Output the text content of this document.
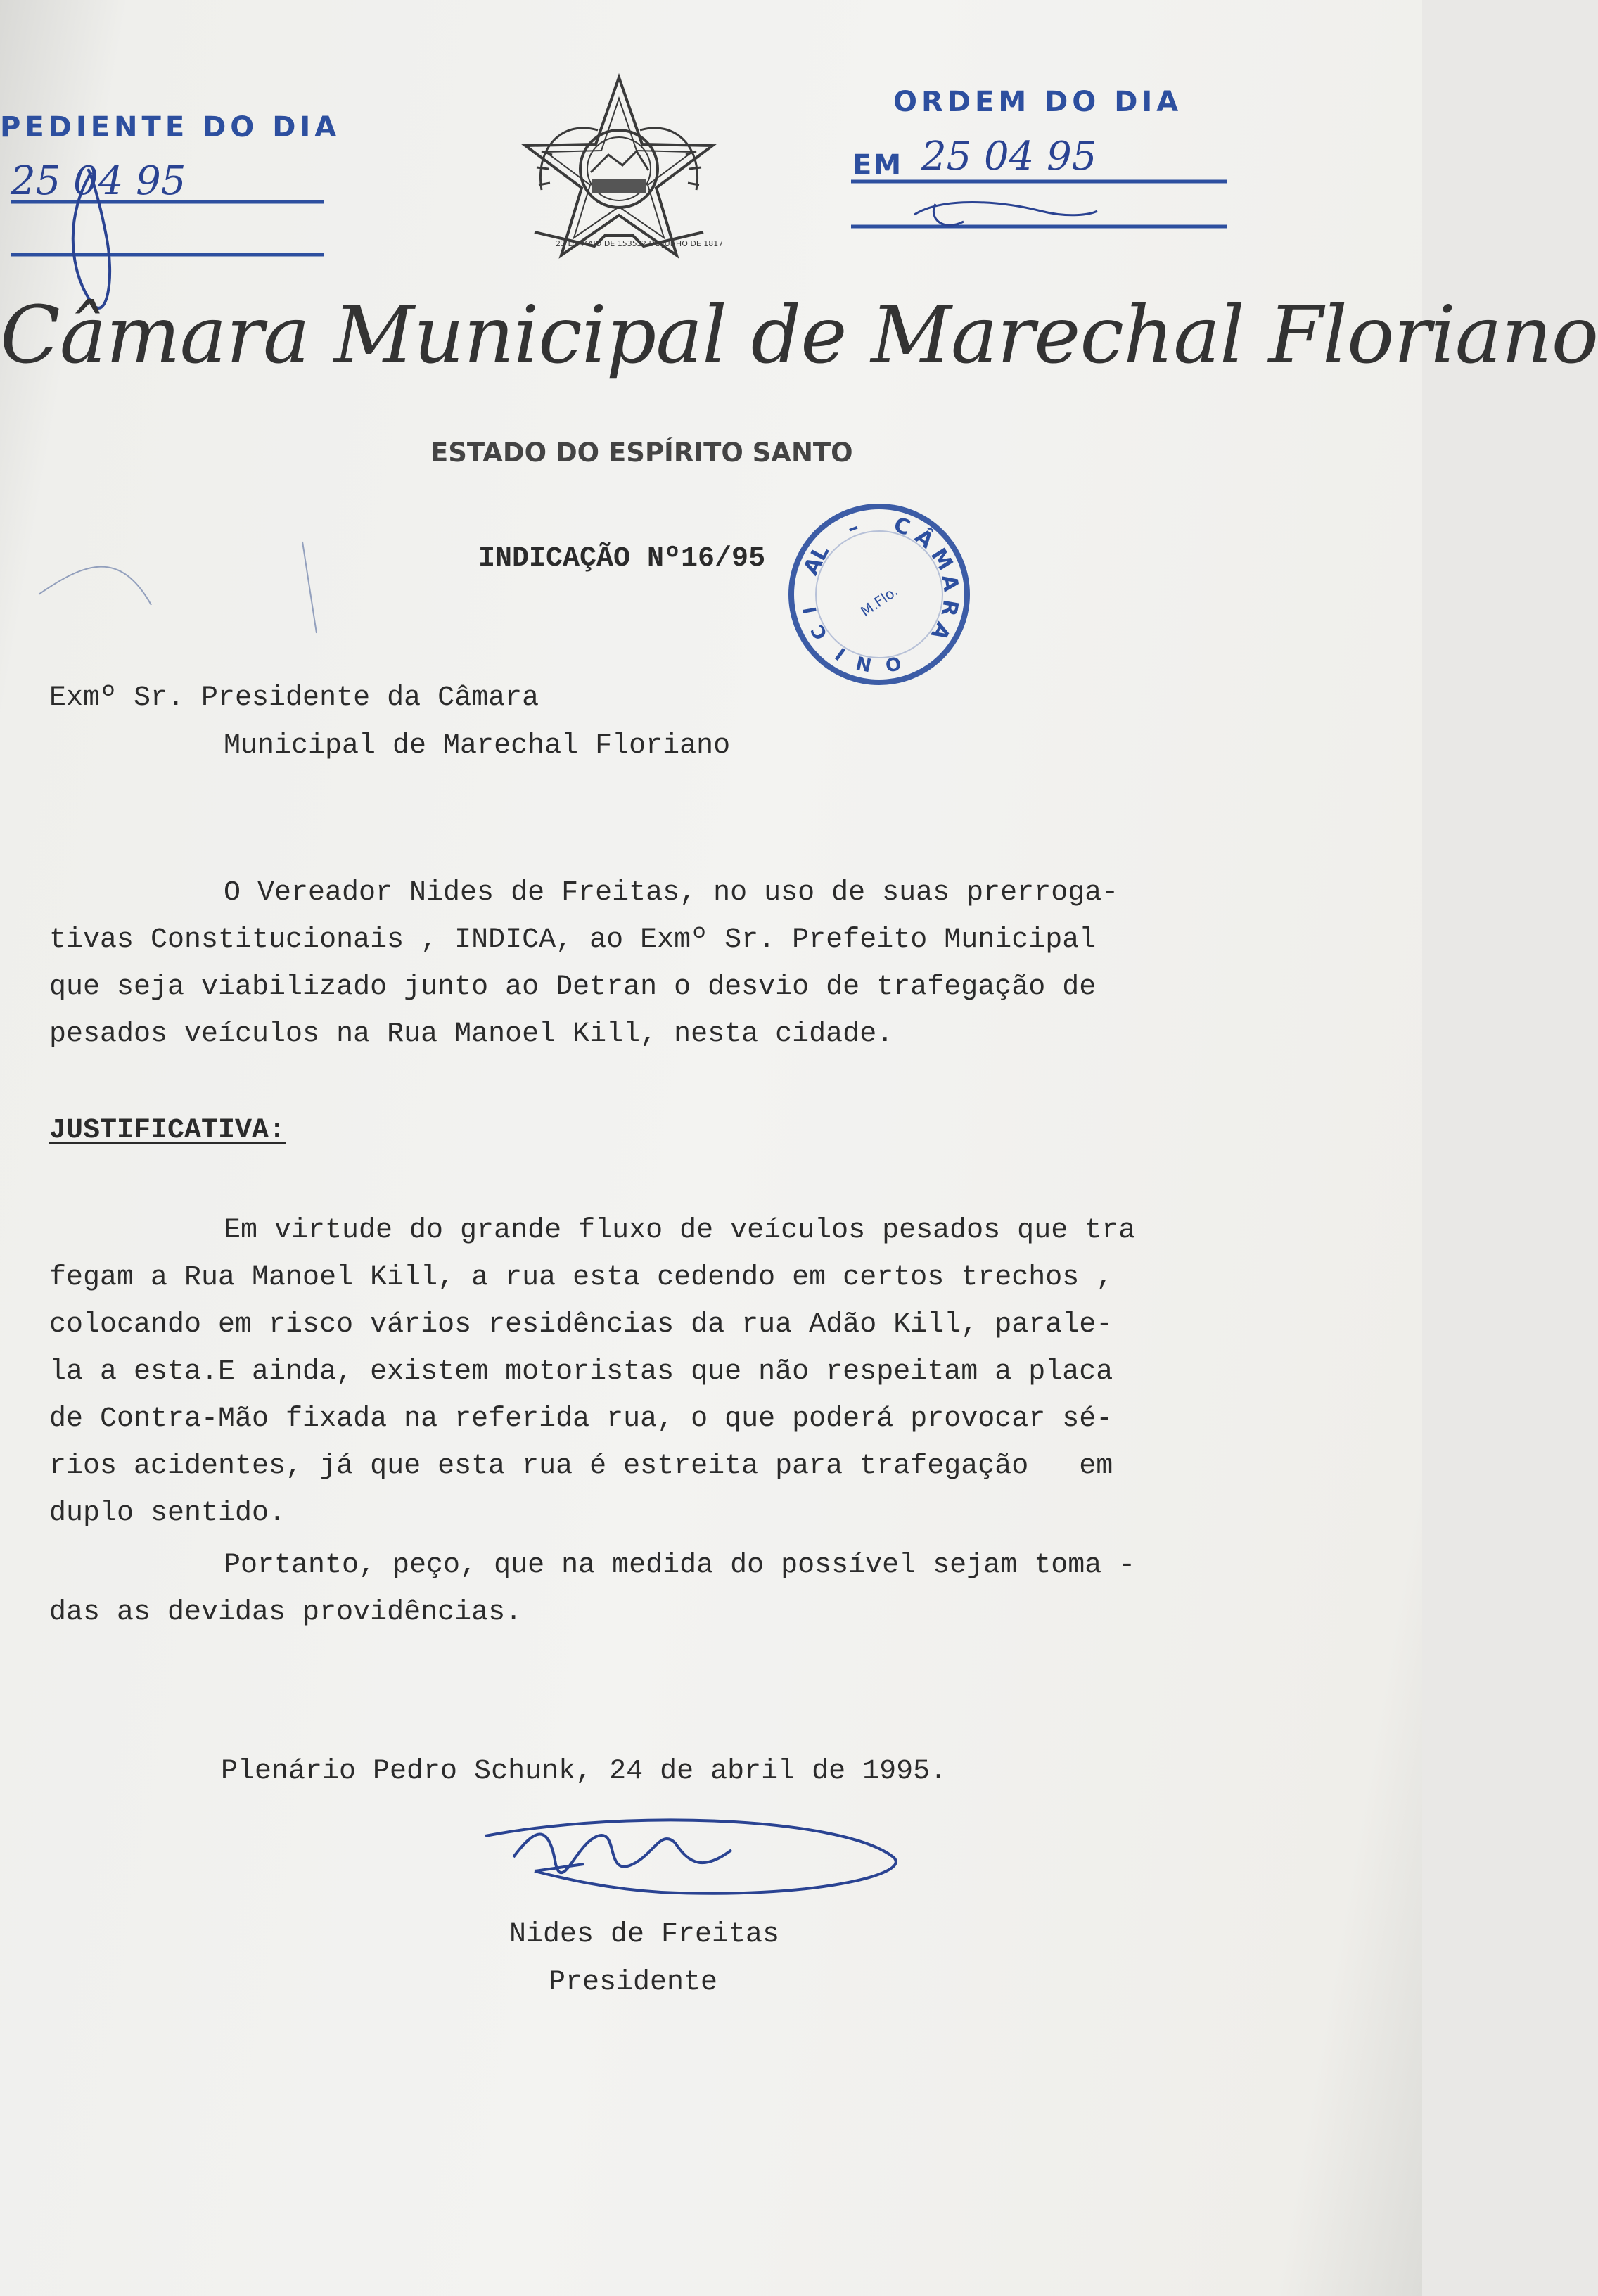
23 DE MAIO DE 1535 12 DE JUNHO DE 1817
AL
– C
Â
M
A
R
A
O
N
I
C
I	M.Flo.
PEDIENTE DO DIA
25 04 95
ORDEM DO DIA
EM 25 04 95
Câmara Municipal de Marechal Floriano
ESTADO DO ESPÍRITO SANTO
INDICAÇÃO Nº16/95
Exmº Sr. Presidente da Câmara
Municipal de Marechal Floriano
O Vereador Nides de Freitas, no uso de suas prerroga-
tivas Constitucionais , INDICA, ao Exmº Sr. Prefeito Municipal
que seja viabilizado junto ao Detran o desvio de trafegação de
pesados veículos na Rua Manoel Kill, nesta cidade.
JUSTIFICATIVA:
Em virtude do grande fluxo de veículos pesados que tra
fegam a Rua Manoel Kill, a rua esta cedendo em certos trechos ,
colocando em risco vários residências da rua Adão Kill, parale-
la a esta.E ainda, existem motoristas que não respeitam a placa
de Contra-Mão fixada na referida rua, o que poderá provocar sé-
rios acidentes, já que esta rua é estreita para trafegação   em
duplo sentido.
Portanto, peço, que na medida do possível sejam toma -
das as devidas providências.
Plenário Pedro Schunk, 24 de abril de 1995.
Nides de Freitas
Presidente
